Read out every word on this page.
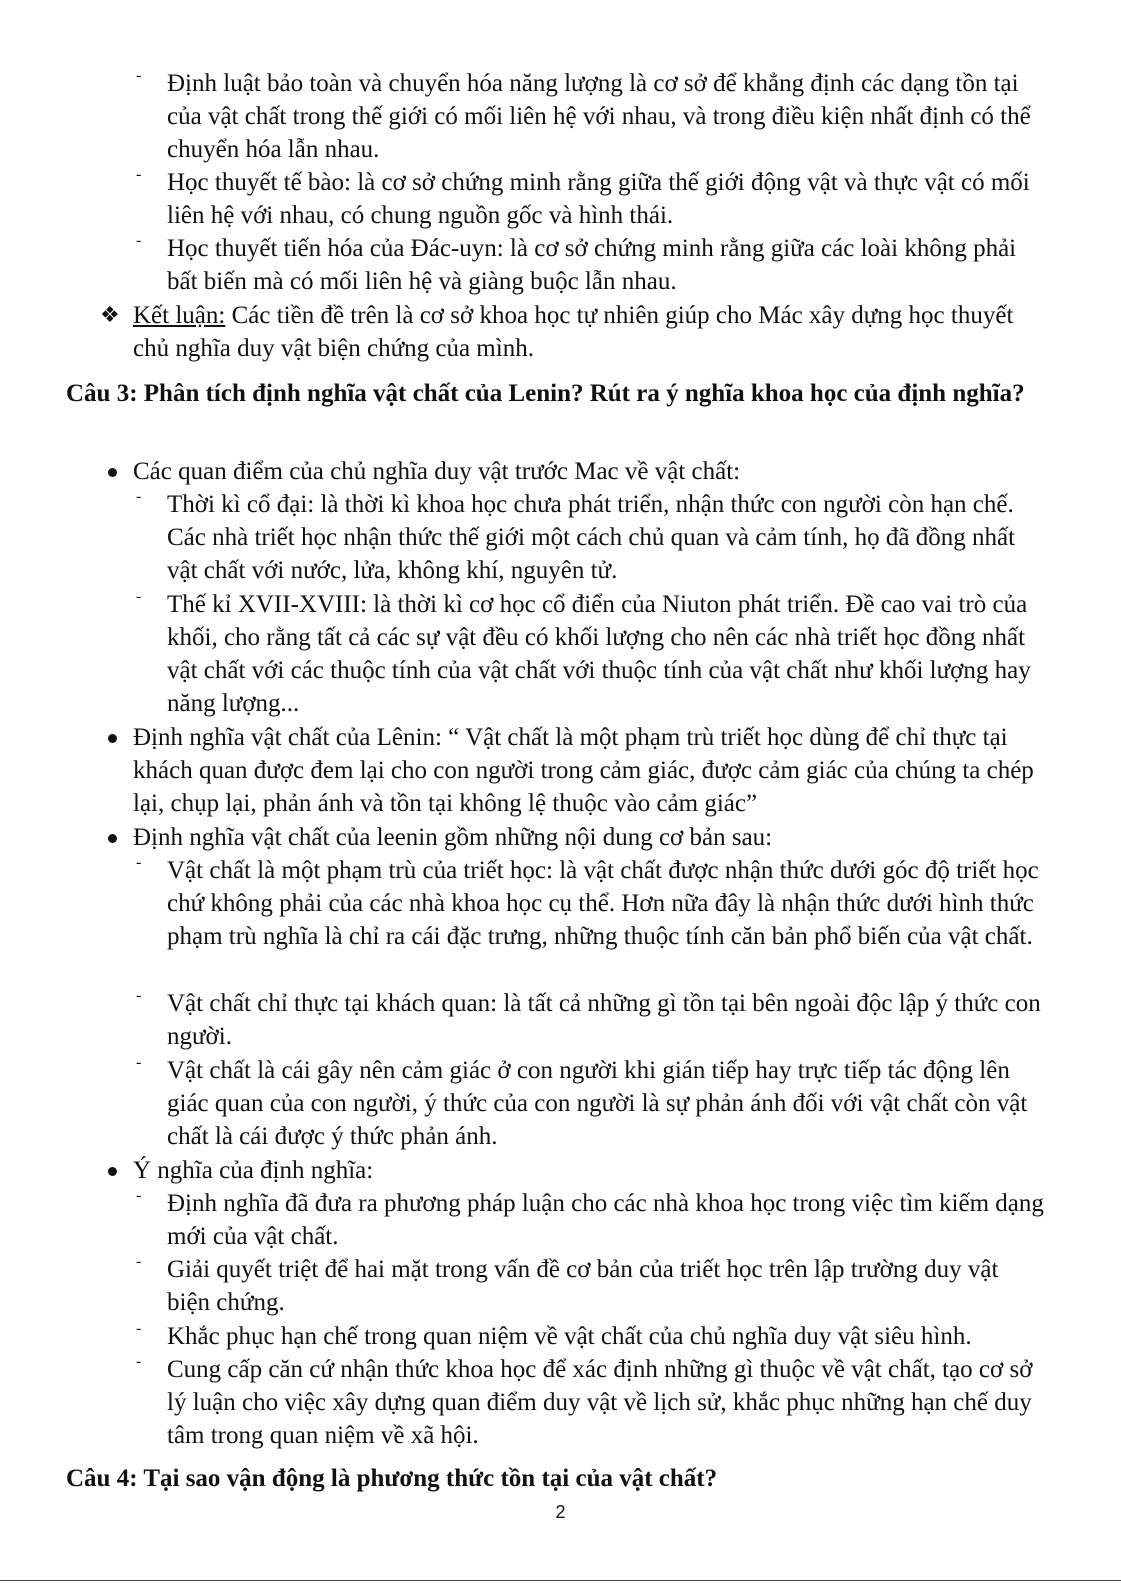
-	Định luật bảo toàn và chuyển hóa năng lượng là cơ sở để khẳng định các dạng tồn tại của vật chất trong thế giới có mối liên hệ với nhau, và trong điều kiện nhất định có thể chuyển hóa lẫn nhau.
-	Học thuyết tế bào: là cơ sở chứng minh rằng giữa thế giới động vật và thực vật có mối liên hệ với nhau, có chung nguồn gốc và hình thái.
-	Học thuyết tiến hóa của Đác-uyn: là cơ sở chứng minh rằng giữa các loài không phải bất biến mà có mối liên hệ và giàng buộc lẫn nhau.
❖ Kết luận: Các tiền đề trên là cơ sở khoa học tự nhiên giúp cho Mác xây dựng học thuyết chủ nghĩa duy vật biện chứng của mình.
Câu 3: Phân tích định nghĩa vật chất của Lenin? Rút ra ý nghĩa khoa học của định nghĩa?
Các quan điểm của chủ nghĩa duy vật trước Mac về vật chất:
-	Thời kì cổ đại: là thời kì khoa học chưa phát triển, nhận thức con người còn hạn chế. Các nhà triết học nhận thức thế giới một cách chủ quan và cảm tính, họ đã đồng nhất vật chất với nước, lửa, không khí, nguyên tử.
-	Thế kỉ XVII-XVIII: là thời kì cơ học cổ điển của Niuton phát triển. Đề cao vai trò của khối, cho rằng tất cả các sự vật đều có khối lượng cho nên các nhà triết học đồng nhất vật chất với các thuộc tính của vật chất với thuộc tính của vật chất như khối lượng hay năng lượng...
Định nghĩa vật chất của Lênin: “ Vật chất là một phạm trù triết học dùng để chỉ thực tại khách quan được đem lại cho con người trong cảm giác, được cảm giác của chúng ta chép lại, chụp lại, phản ánh và tồn tại không lệ thuộc vào cảm giác”
Định nghĩa vật chất của leenin gồm những nội dung cơ bản sau:
-	Vật chất là một phạm trù của triết học: là vật chất được nhận thức dưới góc độ triết học chứ không phải của các nhà khoa học cụ thể. Hơn nữa đây là nhận thức dưới hình thức phạm trù nghĩa là chỉ ra cái đặc trưng, những thuộc tính căn bản phổ biến của vật chất.
-	Vật chất chỉ thực tại khách quan: là tất cả những gì tồn tại bên ngoài độc lập ý thức con người.
-	Vật chất là cái gây nên cảm giác ở con người khi gián tiếp hay trực tiếp tác động lên giác quan của con người, ý thức của con người là sự phản ánh đối với vật chất còn vật chất là cái được ý thức phản ánh.
Ý nghĩa của định nghĩa:
-	Định nghĩa đã đưa ra phương pháp luận cho các nhà khoa học trong việc tìm kiếm dạng mới của vật chất.
-	Giải quyết triệt để hai mặt trong vấn đề cơ bản của triết học trên lập trường duy vật biện chứng.
-	Khắc phục hạn chế trong quan niệm về vật chất của chủ nghĩa duy vật siêu hình.
-	Cung cấp căn cứ nhận thức khoa học để xác định những gì thuộc về vật chất, tạo cơ sở lý luận cho việc xây dựng quan điểm duy vật về lịch sử, khắc phục những hạn chế duy tâm trong quan niệm về xã hội.
Câu 4: Tại sao vận động là phương thức tồn tại của vật chất?
2
